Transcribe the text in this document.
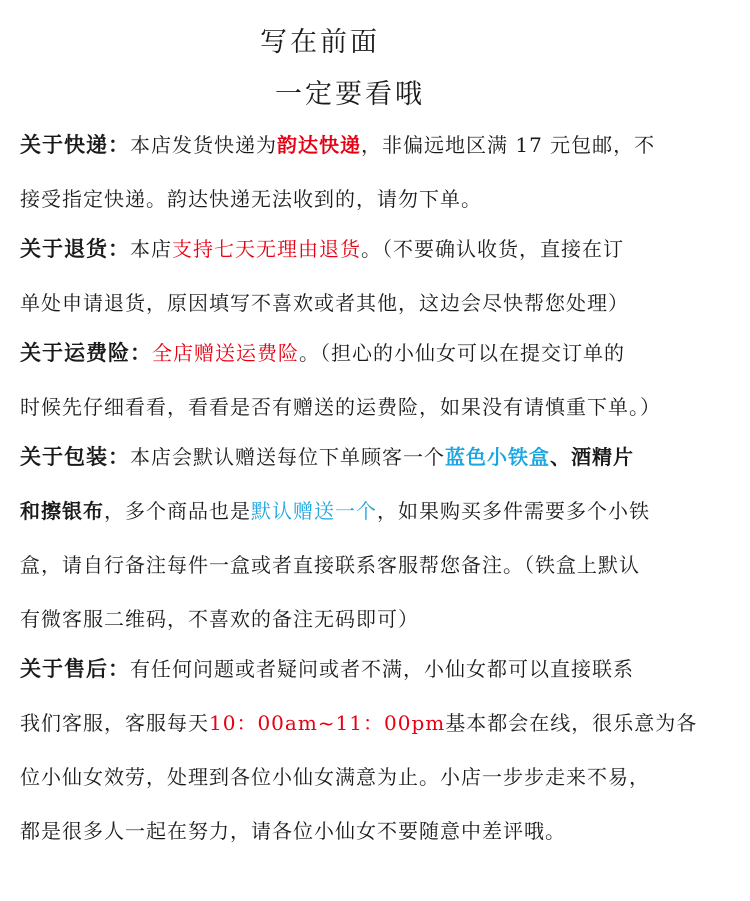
写在前面
一定要看哦
关于快递：本店发货快递为韵达快递，非偏远地区满 17 元包邮，不
接受指定快递。韵达快递无法收到的，请勿下单。
关于退货：本店支持七天无理由退货。（不要确认收货，直接在订
单处申请退货，原因填写不喜欢或者其他，这边会尽快帮您处理）
关于运费险：全店赠送运费险。（担心的小仙女可以在提交订单的
时候先仔细看看，看看是否有赠送的运费险，如果没有请慎重下单。）
关于包装：本店会默认赠送每位下单顾客一个蓝色小铁盒、酒精片
和擦银布，多个商品也是默认赠送一个，如果购买多件需要多个小铁
盒，请自行备注每件一盒或者直接联系客服帮您备注。（铁盒上默认
有微客服二维码，不喜欢的备注无码即可）
关于售后：有任何问题或者疑问或者不满，小仙女都可以直接联系
我们客服，客服每天10：00am~11：00pm基本都会在线，很乐意为各
位小仙女效劳，处理到各位小仙女满意为止。小店一步步走来不易，
都是很多人一起在努力，请各位小仙女不要随意中差评哦。
